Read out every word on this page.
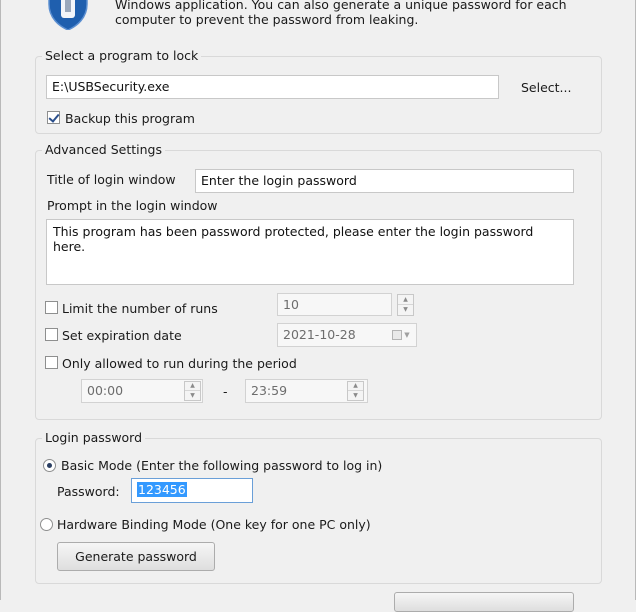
Windows application. You can also generate a unique password for each
computer to prevent the password from leaking.
Select a program to lock
E:\USBSecurity.exe	Select...
Backup this program
Advanced Settings
Title of login window	Enter the login password
Prompt in the login window
This program has been password protected, please enter the login password here.
Limit the number of runs	10	▲
▼
Set expiration date	2021-10-28	▼
Only allowed to run during the period
00:00	▲
▼	-	23:59	▲
▼
Login password
Basic Mode (Enter the following password to log in)
Password:	123456
Hardware Binding Mode (One key for one PC only)
Generate password
